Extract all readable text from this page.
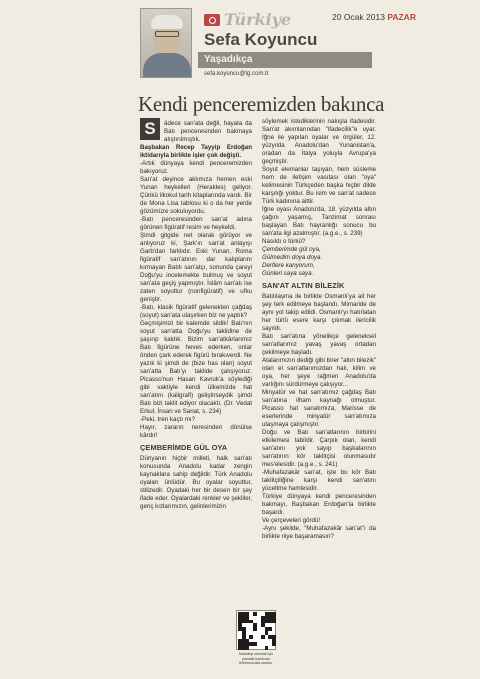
Türkiye	20 Ocak 2013 PAZAR
Sefa Koyuncu
Yaşadıkça
sefa.koyuncu@tg.com.tr
Kendi penceremizden bakınca
S	ädece san'ata değil, hayata da Batı penceresinden bakmaya alıştırılmıştık.

Başbakan Recep Tayyip Erdoğan iktidarıyla birlikte işler çok değişti.

-Artık dünyaya kendi penceremizden bakıyoruz.

San'at deyince aklımıza hemen eski Yunan heykelleri (Herakles) geliyor. Çünkü ilkokul tarih kitaplarında vardı. Bir de Mona Lisa tablosu ki o da her yerde gözümüze sokuluyordu.

-Batı penceresinden san'at adına görünen figüratif resim ve heykeldi.

Şimdi gitgide net olarak görüyor ve anlıyoruz ki, Şark'ın san'at anlayışı Garb'dan farklıdır. Eski Yunan, Roma figüratif san'atının dar kalıplarını kırmayan Batılı san'atçı, sonunda çareyi Doğu'yu incelemekte bulmuş ve soyut san'ata geçiş yapmıştır. İslâm san'atı ise zaten soyuttur (nonfigüratif) ve ufku geniştir.

-Batı, klasik figüratif gelenekten çağdaş (soyut) san'ata ulaşırken biz ne yaptık?

Geçmişimizi bir kalemde sildik! Batı'nın soyut san'atta Doğu'yu taklidine de şaşırıp kaldık. Bizim san'atkârlarımız Batı figürüne heves ederken, onlar önden çark ederek figürü bırakıverdi. Ne yazık ki şimdi de (bize has olan) soyut san'atta Batı'yı taklide çalışıyoruz. Picasso'nun Hasan Kavruk'a söylediği gibi vaktiyle kendi ülkemizde hat san'atını (kaligrafi) geliştirseydik şimdi Batı bizi taklit ediyor olacaktı. (Dr. Vedat Erkul, İnsan ve Sanat, s. 234)

-Peki, tren kaçtı mı?

Hayır, zararın neresinden dönülse kârdır!

ÇEMBERİMDE GÜL OYA

Dünyanın hiçbir milleti, halk san'atı konusunda Anadolu kadar zengin kaynaklara sahip değildir. Türk Anadolu oyaları ünlüdür. Bu oyalar soyuttur, stilizedir. Oyadaki her bir desen bir şey ifade eder. Oyalardaki renkler ve şekiller, genç kızlarımızın, gelinlerimizin

söylemek istediklerinin nakışla ifadesidir. San'at akımlarından "ifadecilik"e uyar. İğne ile yapılan oyalar ve örgüler, 12. yüzyılda Anadolu'dan Yunanistan'a, oradan da İtalya yoluyla Avrupa'ya geçmiştir.

Soyut elemanlar taşıyan, hem süsleme hem de iletişim vasıtası olan "oya" kelimesinin Türkçeden başka hiçbir dilde karşılığı yoktur. Bu isim ve san'at sadece Türk kadınına aittir.

İğne oyası Anadolu'da, 18. yüzyılda altın çağını yaşamış, Tanzimat sonrası başlayan Batı hayranlığı sonucu bu san'ata ilgi azalmıştır. (a.g.e., s. 239)

Nasıldı o türkü?

Çemberimde gül oya,

Gülmedim doya doya.

Dertlere kanyorum,

Günleri saya saya.

SAN'AT ALTIN BİLEZİK

Batılılaşma ile birlikte Osmanlı'ya ait her şey terk edilmeye başlandı. Mimaride de aynı yol takip edildi. Osmanlı'yı hatırlatan her türlü esere karşı çıkmak ilericilik sayıldı.

Batı san'atına yönelikçe geleneksel san'atlarımız yavaş yavaş ortadan çekilmeye başladı.

Atalarımızın dediği gibi birer "altın bilezik" olan el san'atlarımızdan halı, kilim ve oya, her şeye rağmen Anadolu'da varlığını sürdürmeye çalışıyor...

Minyatür ve hat san'atımız çağdaş Batı san'atına ilham kaynağı olmuştur. Picasso hat sanatımıza, Marisse de eserlerinde minyatür san'atımıza ulaşmaya çalışmıştır.

Doğu ve Batı san'atlarının birbirini etkilemesi tabiîdir. Çarpık olan, kendi san'atını yok sayıp başkalarının san'atının kör taklitçisi olunmasıdır mes'elesidir. (a.g.e., s. 241)

-Muhafazakâr san'at, işte bu kör Batı taklitçiliğine karşı kendi san'atını yüceltme hamlesidir.

Türkiye dünyaya kendi penceresinden bakmayı, Başbakan Erdoğan'la birlikte başardı.

Ve çerçeveleri gördü!

-Aynı şekilde, "Muhafazakâr san'at"ı da birlikte niye başaramasın?

Makaleyi okumak için yandaki karekodu telefonunuzla okutun.
